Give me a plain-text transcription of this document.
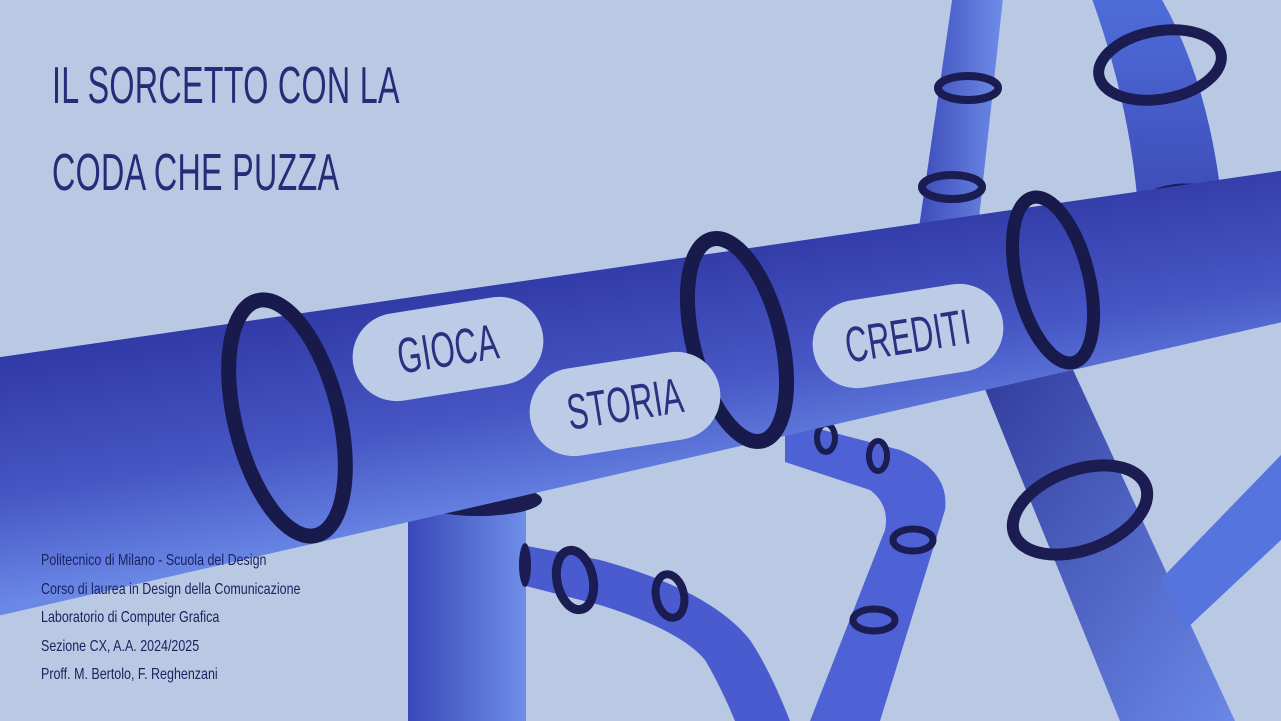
IL SORCETTO CON LA
CODA CHE PUZZA
GIOCA
STORIA
CREDITI
Politecnico di Milano - Scuola del Design
Corso di laurea in Design della Comunicazione
Laboratorio di Computer Grafica
Sezione CX, A.A. 2024/2025
Proff. M. Bertolo, F. Reghenzani
